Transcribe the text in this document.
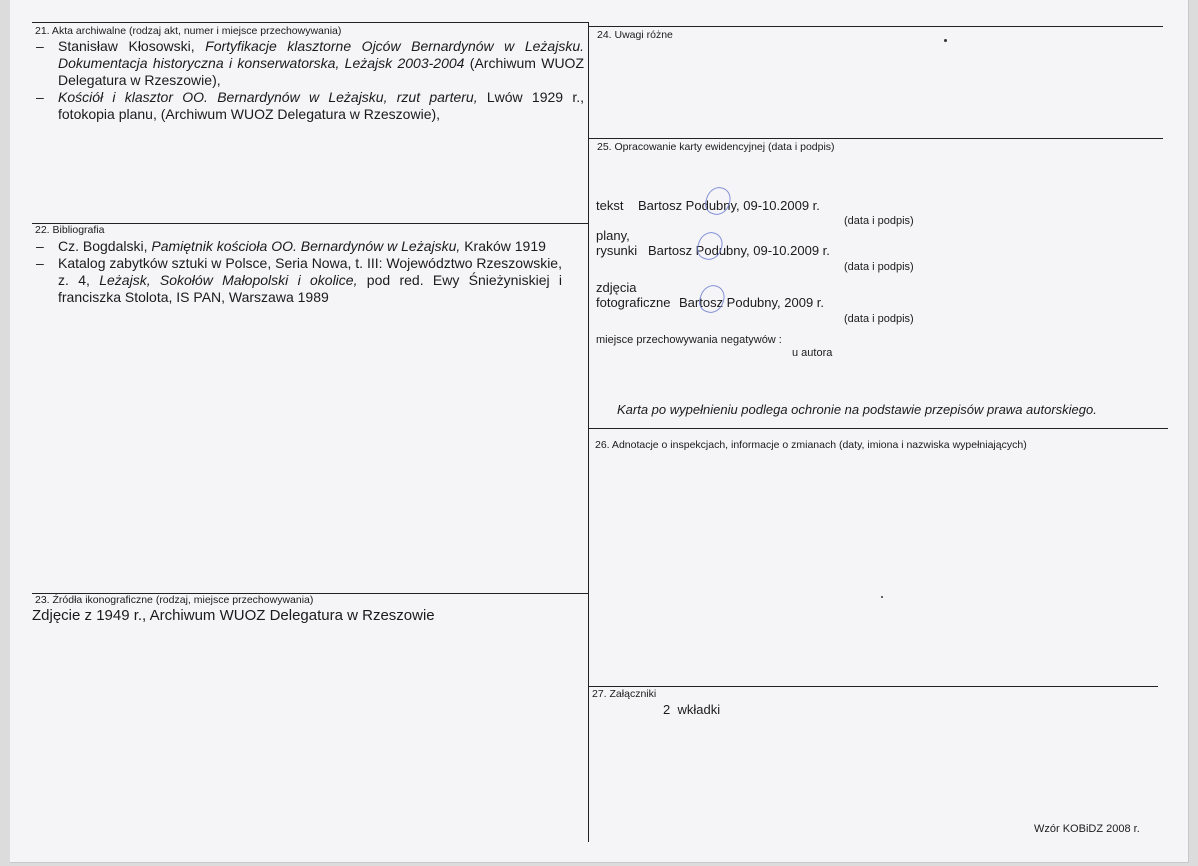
21. Akta archiwalne (rodzaj akt, numer i miejsce przechowywania)
– Stanisław Kłosowski, Fortyfikacje klasztorne Ojców Bernardynów w Leżajsku. Dokumentacja historyczna i konserwatorska, Leżajsk 2003-2004 (Archiwum WUOZ Delegatura w Rzeszowie),
– Kościół i klasztor OO. Bernardynów w Leżajsku, rzut parteru, Lwów 1929 r., fotokopia planu, (Archiwum WUOZ Delegatura w Rzeszowie),
22. Bibliografia
– Cz. Bogdalski, Pamiętnik kościoła OO. Bernardynów w Leżajsku, Kraków 1919
– Katalog zabytków sztuki w Polsce, Seria Nowa, t. III: Województwo Rzeszowskie, z. 4, Leżajsk, Sokołów Małopolski i okolice, pod red. Ewy Śnieżyniskiej i franciszka Stolota, IS PAN, Warszawa 1989
23. Źródła ikonograficzne (rodzaj, miejsce przechowywania)
Zdjęcie z 1949 r., Archiwum WUOZ Delegatura w Rzeszowie
24. Uwagi różne
25. Opracowanie karty ewidencyjnej (data i podpis)
tekst Bartosz Podubny, 09-10.2009 r.
(data i podpis)
plany,
rysunki Bartosz Podubny, 09-10.2009 r.
(data i podpis)
zdjęcia
fotograficzne Bartosz Podubny, 2009 r.
(data i podpis)
miejsce przechowywania negatywów :
u autora
Karta po wypełnieniu podlega ochronie na podstawie przepisów prawa autorskiego.
26. Adnotacje o inspekcjach, informacje o zmianach (daty, imiona i nazwiska wypełniających)
27. Załączniki
2  wkładki
Wzór KOBiDZ 2008 r.
